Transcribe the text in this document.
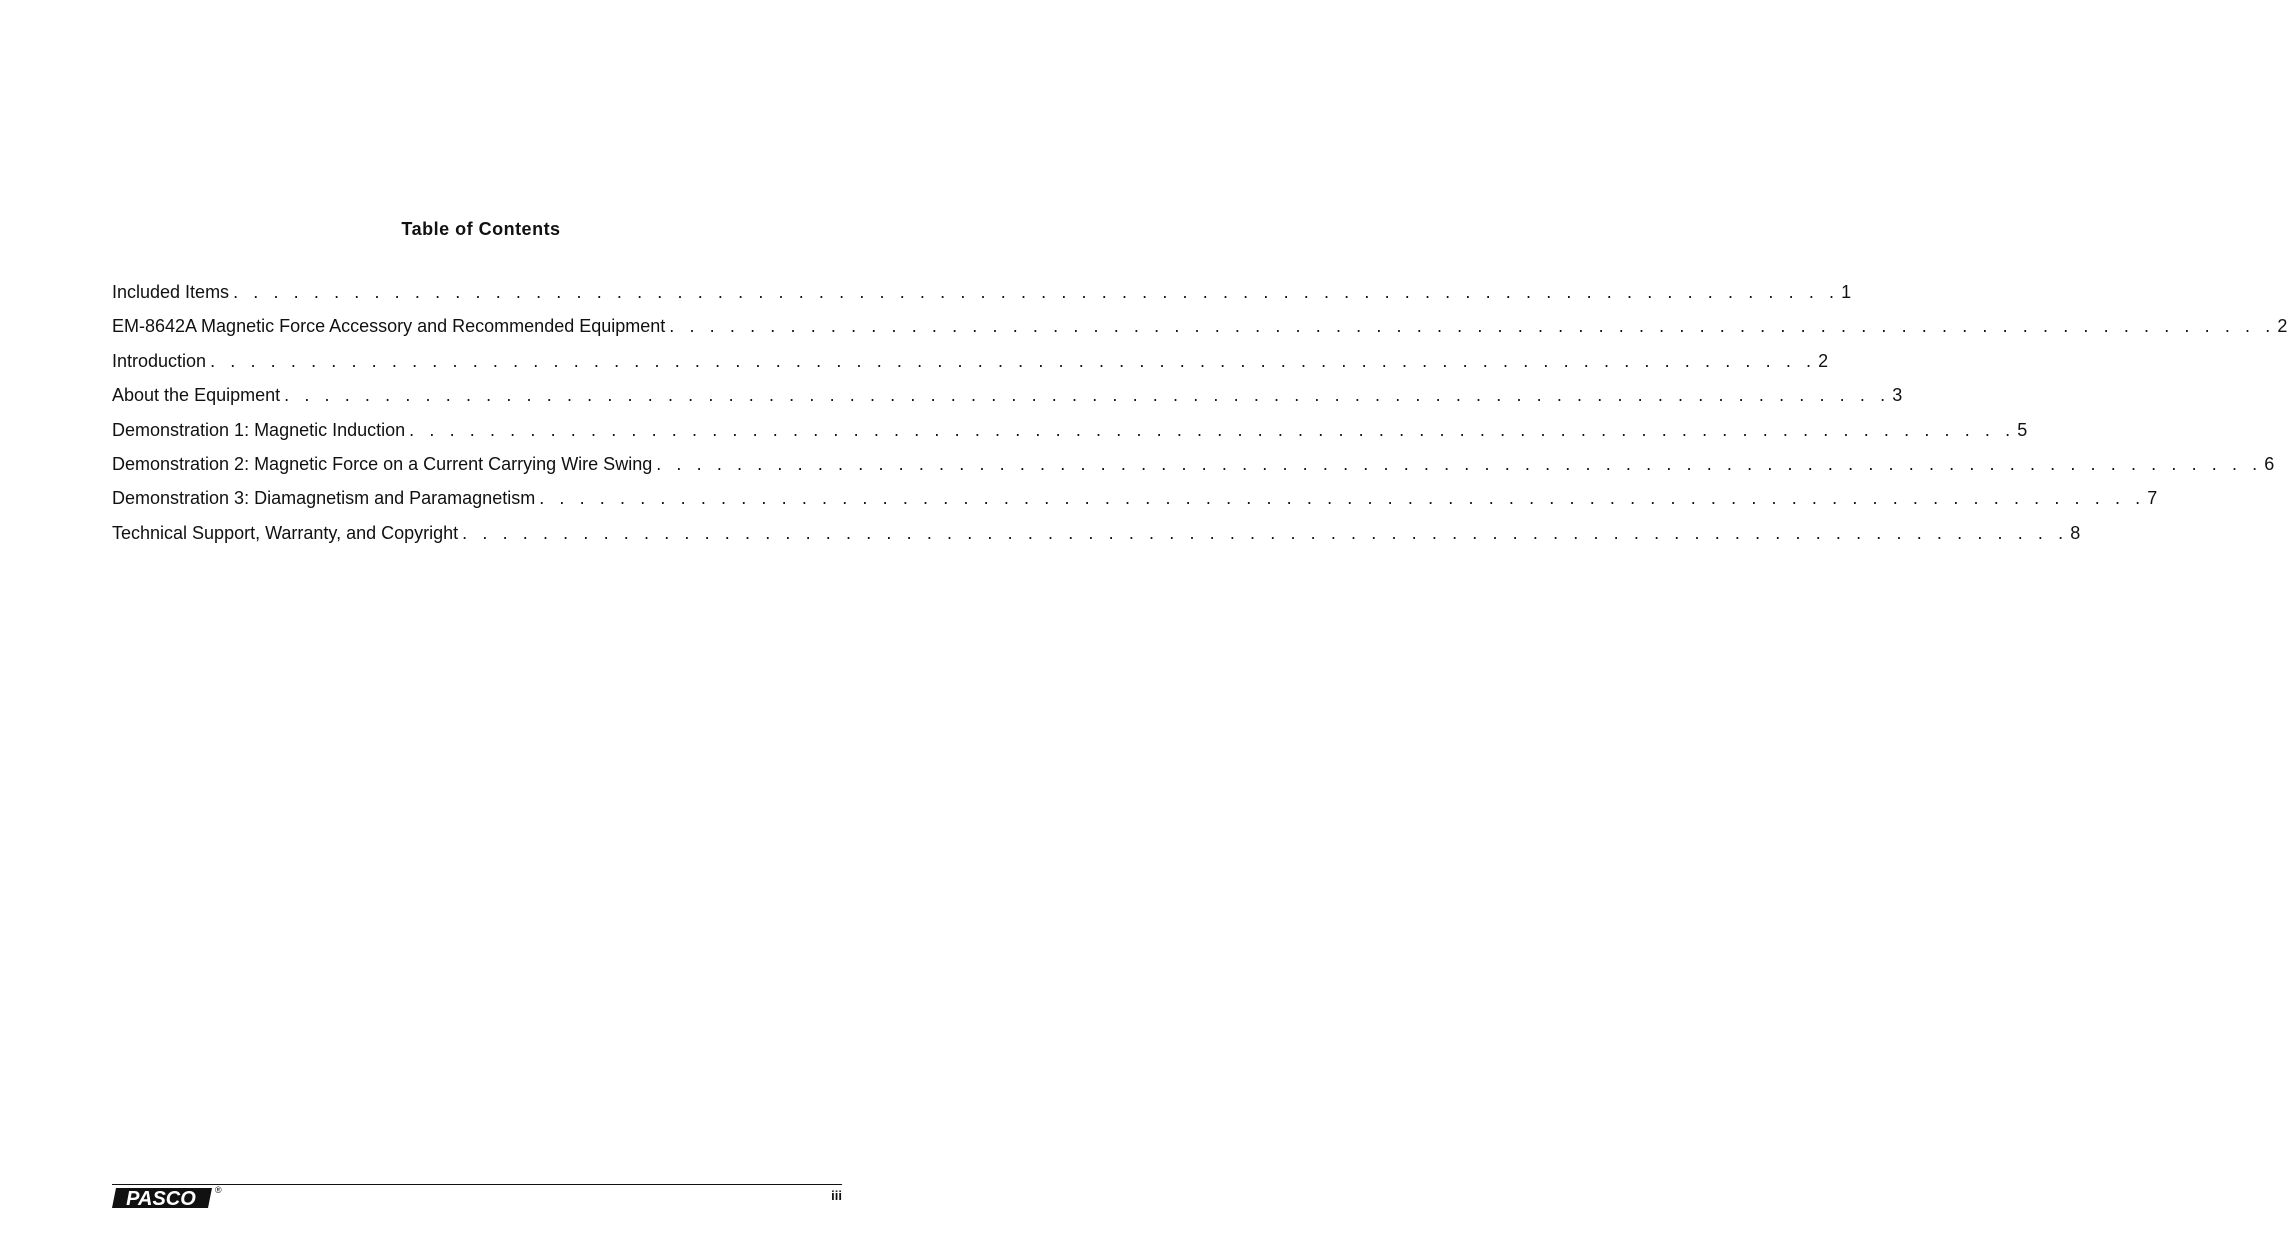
Table of Contents
Included Items . . . . . . . . . . . . . . . . . . . . . . . . . . . . . . . . . . . . . . . . . . . . . . . . . . . . . . . . . . . . . . . . . . . . . . . . . . . . . . . . 1
EM-8642A Magnetic Force Accessory and Recommended Equipment . . . . . . . . . . . . . . . . . . . . . . . . . . . . . . . . . . . . . . . . . . . . . . . . . . . . . . . . . . . . . . . . . . . . . . . . . . . . . . . . 2
Introduction . . . . . . . . . . . . . . . . . . . . . . . . . . . . . . . . . . . . . . . . . . . . . . . . . . . . . . . . . . . . . . . . . . . . . . . . . . . . . . . . 2
About the Equipment . . . . . . . . . . . . . . . . . . . . . . . . . . . . . . . . . . . . . . . . . . . . . . . . . . . . . . . . . . . . . . . . . . . . . . . . . . . . . . . . 3
Demonstration 1: Magnetic Induction . . . . . . . . . . . . . . . . . . . . . . . . . . . . . . . . . . . . . . . . . . . . . . . . . . . . . . . . . . . . . . . . . . . . . . . . . . . . . . . . 5
Demonstration 2: Magnetic Force on a Current Carrying Wire Swing . . . . . . . . . . . . . . . . . . . . . . . . . . . . . . . . . . . . . . . . . . . . . . . . . . . . . . . . . . . . . . . . . . . . . . . . . . . . . . . . 6
Demonstration 3: Diamagnetism and Paramagnetism . . . . . . . . . . . . . . . . . . . . . . . . . . . . . . . . . . . . . . . . . . . . . . . . . . . . . . . . . . . . . . . . . . . . . . . . . . . . . . . . 7
Technical Support, Warranty, and Copyright . . . . . . . . . . . . . . . . . . . . . . . . . . . . . . . . . . . . . . . . . . . . . . . . . . . . . . . . . . . . . . . . . . . . . . . . . . . . . . . . 8
PASCO ®	iii
